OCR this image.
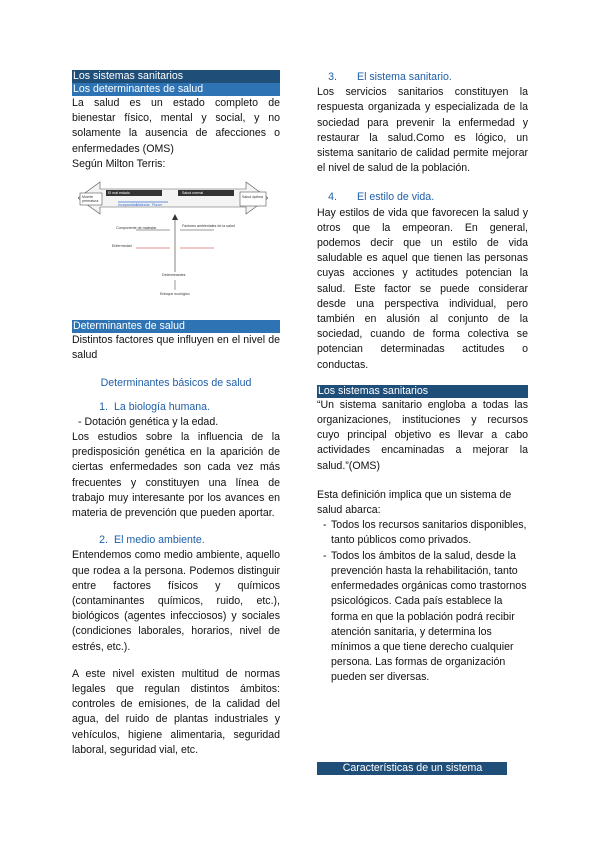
Los sistemas sanitarios
Los determinantes de salud

La salud es un estado completo de bienestar físico, mental y social, y no solamente la ausencia de afecciones o enfermedades (OMS)

Según Milton Terris:

Muerte prematura
El mal estado	Salud normal
Salud óptima
Incapacidad
Malestar Placer
Componente de malestar	Factores ambientales de la salud
Enfermedad
Determinantes
Enfoque ecológico
Determinantes de salud

Distintos factores que influyen en el nivel de salud

Determinantes básicos de salud

1. La biología humana.

- Dotación genética y la edad.

Los estudios sobre la influencia de la predisposición genética en la aparición de ciertas enfermedades son cada vez más frecuentes y constituyen una línea de trabajo muy interesante por los avances en materia de prevención que pueden aportar.

2. El medio ambiente.

Entendemos como medio ambiente, aquello que rodea a la persona. Podemos distinguir entre factores físicos y químicos (contaminantes químicos, ruido, etc.), biológicos (agentes infecciosos) y sociales (condiciones laborales, horarios, nivel de estrés, etc.).

A este nivel existen multitud de normas legales que regulan distintos ámbitos: controles de emisiones, de la calidad del agua, del ruido de plantas industriales y vehículos, higiene alimentaria, seguridad laboral, seguridad vial, etc.

3. El sistema sanitario.

Los servicios sanitarios constituyen la respuesta organizada y especializada de la sociedad para prevenir la enfermedad y restaurar la salud.Como es lógico, un sistema sanitario de calidad permite mejorar el nivel de salud de la población.

4. El estilo de vida.

Hay estilos de vida que favorecen la salud y otros que la empeoran. En general, podemos decir que un estilo de vida saludable es aquel que tienen las personas cuyas acciones y actitudes potencian la salud. Este factor se puede considerar desde una perspectiva individual, pero también en alusión al conjunto de la sociedad, cuando de forma colectiva se potencian determinadas actitudes o conductas.

Los sistemas sanitarios

“Un sistema sanitario engloba a todas las organizaciones, instituciones y recursos cuyo principal objetivo es llevar a cabo actividades encaminadas a mejorar la salud.”(OMS)

Esta definición implica que un sistema de salud abarca:

- Todos los recursos sanitarios disponibles, tanto públicos como privados.
- Todos los ámbitos de la salud, desde la prevención hasta la rehabilitación, tanto enfermedades orgánicas como trastornos psicológicos. Cada país establece la forma en que la población podrá recibir atención sanitaria, y determina los mínimos a que tiene derecho cualquier persona. Las formas de organización pueden ser diversas.
Características de un sistema
